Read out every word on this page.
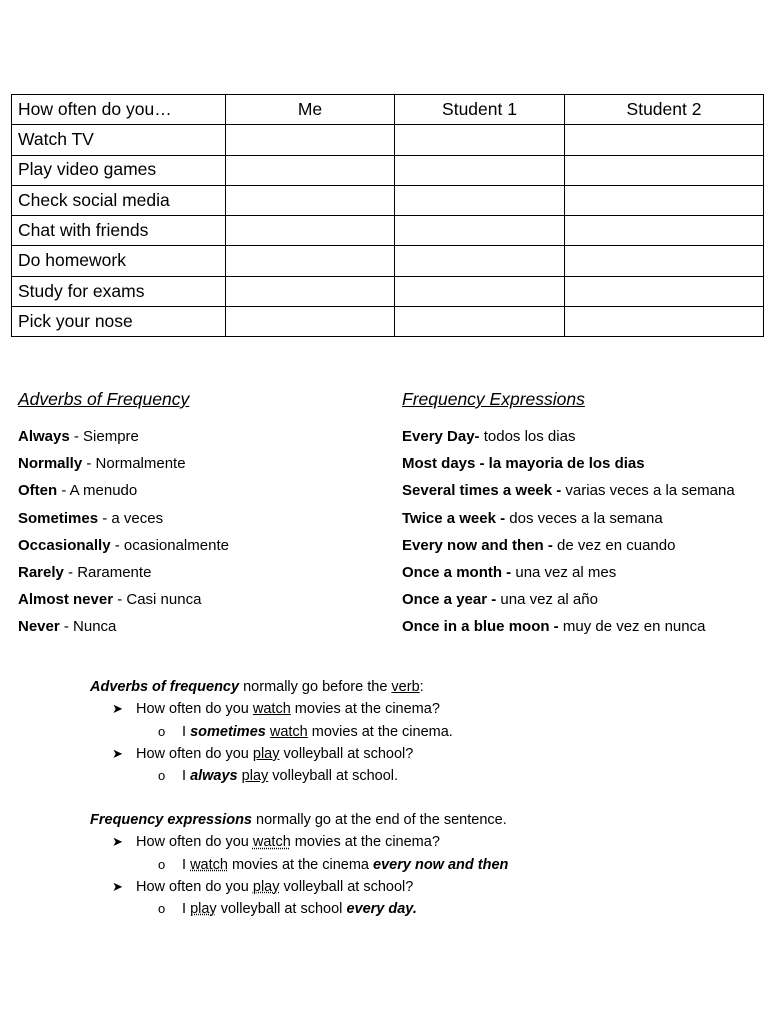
How often do you…	Me	Student 1	Student 2
Watch TV			
Play video games			
Check social media			
Chat with friends			
Do homework			
Study for exams			
Pick your nose			
Adverbs of Frequency
Always - Siempre
Normally - Normalmente
Often - A menudo
Sometimes - a veces
Occasionally - ocasionalmente
Rarely - Raramente
Almost never - Casi nunca
Never - Nunca
Frequency Expressions
Every Day- todos los dias
Most days - la mayoria de los dias
Several times a week - varias veces a la semana
Twice a week - dos veces a la semana
Every now and then - de vez en cuando
Once a month - una vez al mes
Once a year - una vez al año
Once in a blue moon - muy de vez en nunca
Adverbs of frequency normally go before the verb:
➤ How often do you watch movies at the cinema?
o I sometimes watch movies at the cinema.
➤ How often do you play volleyball at school?
o I always play volleyball at school.
Frequency expressions normally go at the end of the sentence.
➤ How often do you watch movies at the cinema?
o I watch movies at the cinema every now and then
➤ How often do you play volleyball at school?
o I play volleyball at school every day.
